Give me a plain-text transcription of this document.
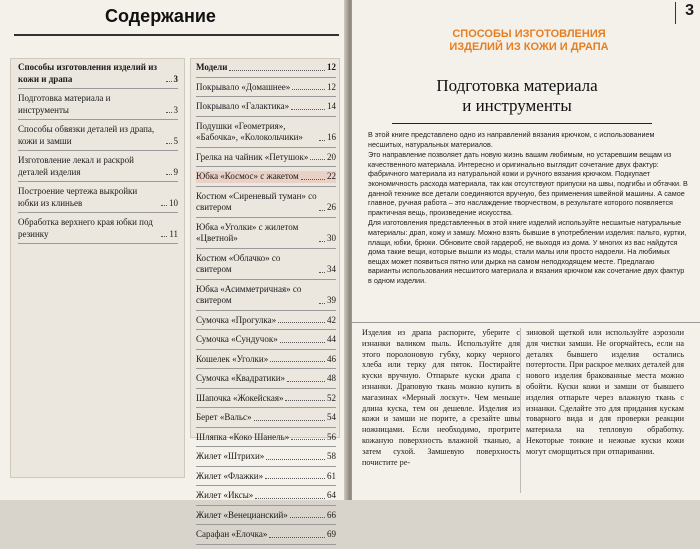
Содержание
Способы изготовления изделий из кожи и драпа	3
Подготовка материала и инструменты	3
Способы обвязки деталей из драпа, кожи и замши	5
Изготовление лекал и раскрой деталей изделия	9
Построение чертежа выкройки юбки из клиньев	10
Обработка верхнего края юбки под резинку	11
Модели	12
Покрывало «Домашнее»	12
Покрывало «Галактика»	14
Подушки «Геометрия», «Бабочка», «Колокольчики»	16
Грелка на чайник «Петушок» 20
Юбка «Космос» с жакетом	22
Костюм «Сиреневый туман» со свитером	26
Юбка «Уголки» с жилетом «Цветной»	30
Костюм «Облачко» со свитером	34
Юбка «Асимметричная» со свитером	39
Сумочка «Прогулка»	42
Сумочка «Сундучок»	44
Кошелек «Уголки»	46
Сумочка «Квадратики»	48
Шапочка «Жокейская»	52
Берет «Вальс»	54
Шляпка «Коко Шанель»	56
Жилет «Штрихи»	58
Жилет «Флажки»	61
Жилет «Иксы»	64
Жилет «Венецианский»	66
Сарафан «Елочка»	69
3
СПОСОБЫ ИЗГОТОВЛЕНИЯ
ИЗДЕЛИЙ ИЗ КОЖИ И ДРАПА
Подготовка материала
и инструменты

В этой книге представлено одно из направлений вязания крючком, с использованием несшитых, натуральных материалов.

Это направление позволяет дать новую жизнь вашим любимым, но устаревшим вещам из качественного материала. Интересно и оригинально выглядит сочетание двух фактур: фабричного материала из натуральной кожи и ручного вязания крючком. Подкупает экономичность расхода материала, так как отсутствуют припуски на швы, подгибы и обтачки. В данной технике все детали соединяются вручную, без применения швейной машины. А самое главное, ручная работа – это наслаждение творчеством, в результате которого появляется практичная вещь, произведение искусства.

Для изготовления представленных в этой книге изделий используйте несшитые натуральные материалы: драп, кожу и замшу. Можно взять бывшие в употреблении изделия: пальто, куртки, плащи, юбки, брюки. Обновите свой гардероб, не выходя из дома. У многих из вас найдутся дома такие вещи, которые вышли из моды, стали малы или просто надоели. На любимых вещах может появиться пятно или дырка на самом неподходящем месте. Предлагаю варианты использования несшитого материала и вязания крючком как сочетание двух фактур в одном изделии.

Изделия из драпа распорите, уберите с изнанки валиком пыль. Используйте для этого поролоновую губку, корку черного хлеба или терку для пяток. Постирайте куски вручную. Отпарьте куски драпа с изнанки. Драповую ткань можно купить в магазинах «Мерный лоскут». Чем меньше длина куска, тем он дешевле. Изделия из кожи и замши не порите, а срезайте швы ножницами. Если необходимо, протрите кожаную поверхность влажной тканью, а затем сухой. Замшевую поверхность почистите ре-
зиновой щеткой или используйте аэрозоли для чистки замши. Не огорчайтесь, если на деталях бывшего изделия остались потертости. При раскрое мелких деталей для нового изделия бракованные места можно обойти. Куски кожи и замши от бывшего изделия отпарьте через влажную ткань с изнанки. Сделайте это для придания кускам товарного вида и для проверки реакции материала на тепловую обработку. Некоторые тонкие и нежные куски кожи могут сморщиться при отпаривании.
